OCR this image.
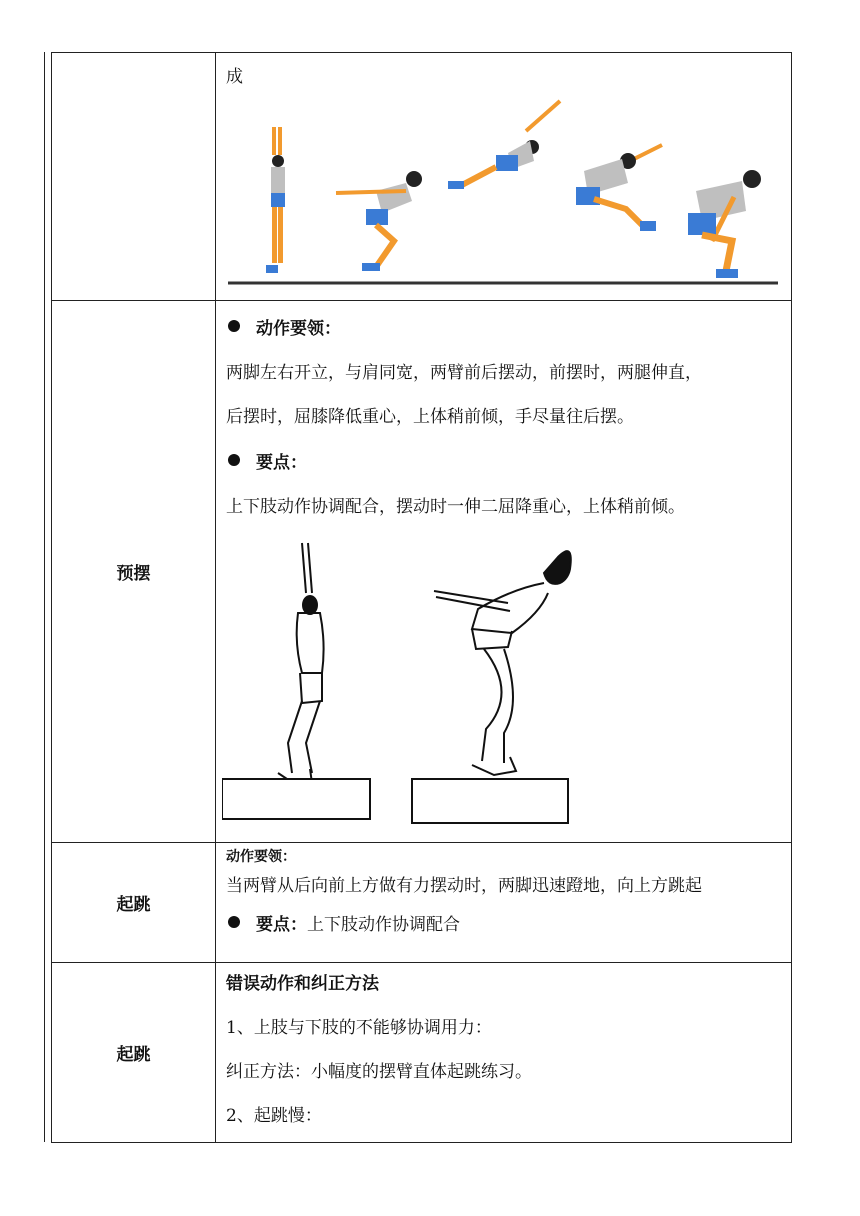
	成

预摆	动作要领：

两脚左右开立，与肩同宽，两臂前后摆动，前摆时，两腿伸直，

后摆时，屈膝降低重心，上体稍前倾，手尽量往后摆。

要点：

上下肢动作协调配合，摆动时一伸二屈降重心，上体稍前倾。

起跳	动作要领：

当两臂从后向前上方做有力摆动时，两脚迅速蹬地，向上方跳起

要点： 上下肢动作协调配合

起跳	错误动作和纠正方法

1、上肢与下肢的不能够协调用力：

纠正方法：小幅度的摆臂直体起跳练习。

2、起跳慢：
